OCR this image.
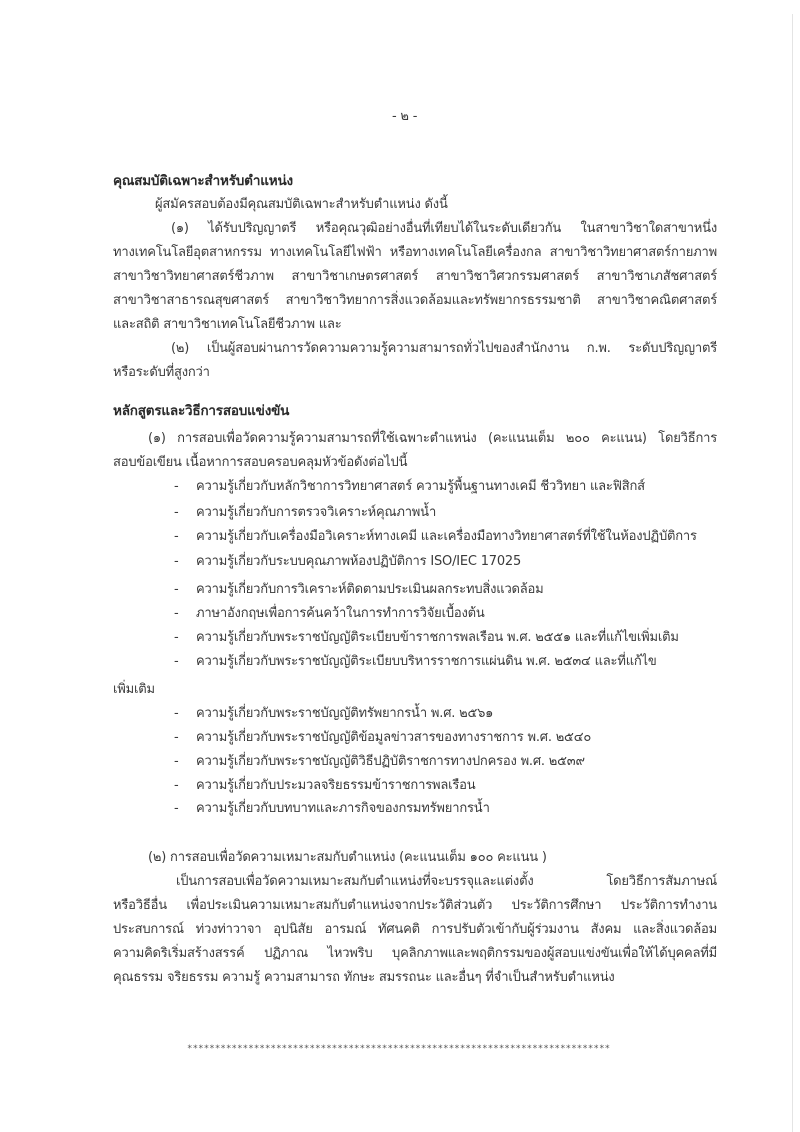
- ๒ -
คุณสมบัติเฉพาะสำหรับตำแหน่ง
ผู้สมัครสอบต้องมีคุณสมบัติเฉพาะสำหรับตำแหน่ง ดังนี้
(๑) ได้รับปริญญาตรี หรือคุณวุฒิอย่างอื่นที่เทียบได้ในระดับเดียวกัน ในสาขาวิชาใดสาขาหนึ่ง
ทางเทคโนโลยีอุตสาหกรรม ทางเทคโนโลยีไฟฟ้า หรือทางเทคโนโลยีเครื่องกล สาขาวิชาวิทยาศาสตร์กายภาพ
สาขาวิชาวิทยาศาสตร์ชีวภาพ สาขาวิชาเกษตรศาสตร์ สาขาวิชาวิศวกรรมศาสตร์ สาขาวิชาเภสัชศาสตร์
สาขาวิชาสาธารณสุขศาสตร์ สาขาวิชาวิทยาการสิ่งแวดล้อมและทรัพยากรธรรมชาติ สาขาวิชาคณิตศาสตร์
และสถิติ สาขาวิชาเทคโนโลยีชีวภาพ และ
(๒) เป็นผู้สอบผ่านการวัดความความรู้ความสามารถทั่วไปของสำนักงาน ก.พ. ระดับปริญญาตรี
หรือระดับที่สูงกว่า
หลักสูตรและวิธีการสอบแข่งขัน
(๑) การสอบเพื่อวัดความรู้ความสามารถที่ใช้เฉพาะตำแหน่ง (คะแนนเต็ม ๒๐๐ คะแนน) โดยวิธีการ
สอบข้อเขียน เนื้อหาการสอบครอบคลุมหัวข้อดังต่อไปนี้
- ความรู้เกี่ยวกับหลักวิชาการวิทยาศาสตร์ ความรู้พื้นฐานทางเคมี ชีววิทยา และฟิสิกส์
- ความรู้เกี่ยวกับการตรวจวิเคราะห์คุณภาพน้ำ
- ความรู้เกี่ยวกับเครื่องมือวิเคราะห์ทางเคมี และเครื่องมือทางวิทยาศาสตร์ที่ใช้ในห้องปฏิบัติการ
- ความรู้เกี่ยวกับระบบคุณภาพห้องปฏิบัติการ ISO/IEC 17025
- ความรู้เกี่ยวกับการวิเคราะห์ติดตามประเมินผลกระทบสิ่งแวดล้อม
- ภาษาอังกฤษเพื่อการค้นคว้าในการทำการวิจัยเบื้องต้น
- ความรู้เกี่ยวกับพระราชบัญญัติระเบียบข้าราชการพลเรือน พ.ศ. ๒๕๕๑ และที่แก้ไขเพิ่มเติม
- ความรู้เกี่ยวกับพระราชบัญญัติระเบียบบริหารราชการแผ่นดิน พ.ศ. ๒๕๓๔ และที่แก้ไข
เพิ่มเติม
- ความรู้เกี่ยวกับพระราชบัญญัติทรัพยากรน้ำ พ.ศ. ๒๕๖๑
- ความรู้เกี่ยวกับพระราชบัญญัติข้อมูลข่าวสารของทางราชการ พ.ศ. ๒๕๔๐
- ความรู้เกี่ยวกับพระราชบัญญัติวิธีปฏิบัติราชการทางปกครอง พ.ศ. ๒๕๓๙
- ความรู้เกี่ยวกับประมวลจริยธรรมข้าราชการพลเรือน
- ความรู้เกี่ยวกับบทบาทและภารกิจของกรมทรัพยากรน้ำ
(๒) การสอบเพื่อวัดความเหมาะสมกับตำแหน่ง (คะแนนเต็ม ๑๐๐ คะแนน )
เป็นการสอบเพื่อวัดความเหมาะสมกับตำแหน่งที่จะบรรจุและแต่งตั้ง โดยวิธีการสัมภาษณ์
หรือวิธีอื่น เพื่อประเมินความเหมาะสมกับตำแหน่งจากประวัติส่วนตัว ประวัติการศึกษา ประวัติการทำงาน
ประสบการณ์ ท่วงท่าวาจา อุปนิสัย อารมณ์ ทัศนคติ การปรับตัวเข้ากับผู้ร่วมงาน สังคม และสิ่งแวดล้อม
ความคิดริเริ่มสร้างสรรค์ ปฏิภาณ ไหวพริบ บุคลิกภาพและพฤติกรรมของผู้สอบแข่งขันเพื่อให้ได้บุคคลที่มี
คุณธรรม จริยธรรม ความรู้ ความสามารถ ทักษะ สมรรถนะ และอื่นๆ ที่จำเป็นสำหรับตำแหน่ง
****************************************************************************
